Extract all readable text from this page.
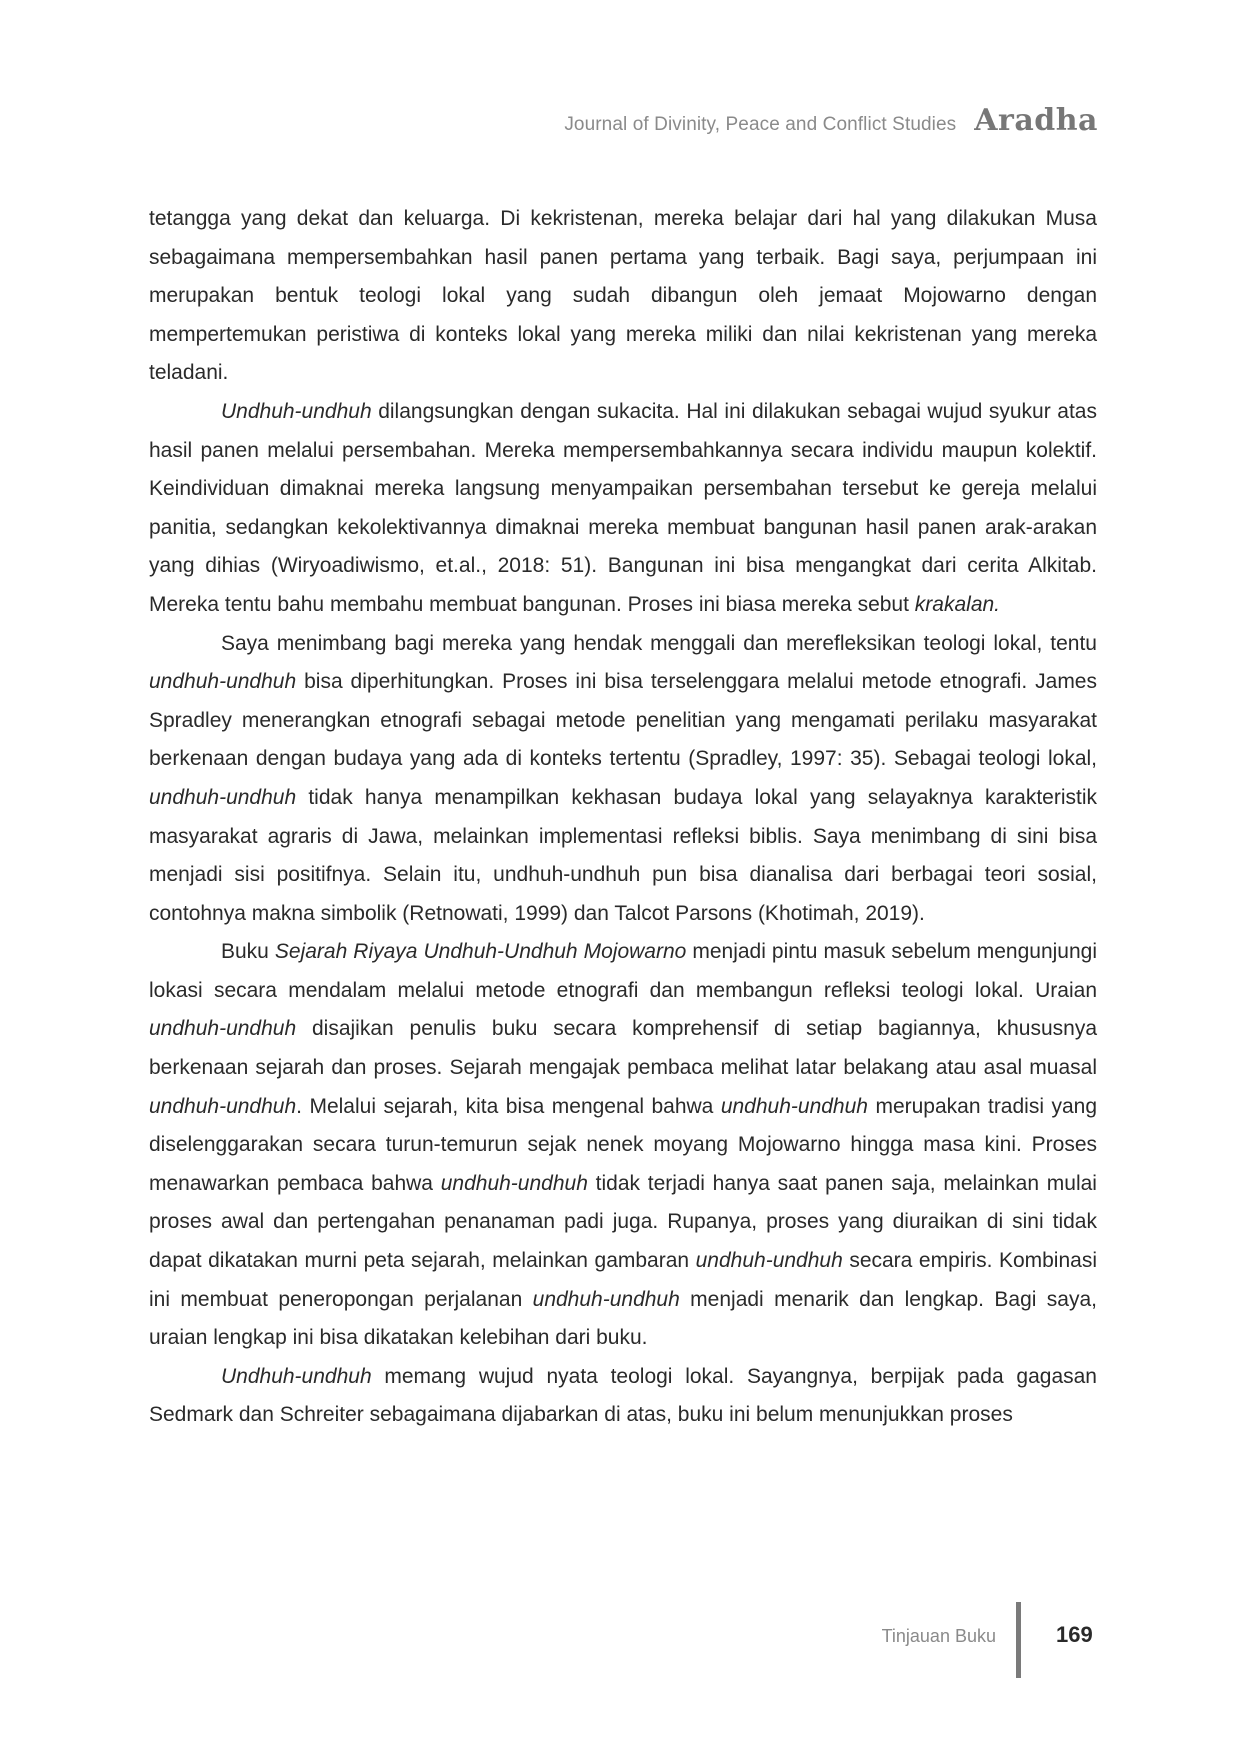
Journal of Divinity, Peace and Conflict Studies Aradha

tetangga yang dekat dan keluarga. Di kekristenan, mereka belajar dari hal yang dilakukan Musa sebagaimana mempersembahkan hasil panen pertama yang terbaik. Bagi saya, perjumpaan ini merupakan bentuk teologi lokal yang sudah dibangun oleh jemaat Mojowarno dengan mempertemukan peristiwa di konteks lokal yang mereka miliki dan nilai kekristenan yang mereka teladani.

Undhuh-undhuh dilangsungkan dengan sukacita. Hal ini dilakukan sebagai wujud syukur atas hasil panen melalui persembahan. Mereka mempersembahkannya secara individu maupun kolektif. Keindividuan dimaknai mereka langsung menyampaikan persembahan tersebut ke gereja melalui panitia, sedangkan kekolektivannya dimaknai mereka membuat bangunan hasil panen arak-arakan yang dihias (Wiryoadiwismo, et.al., 2018: 51). Bangunan ini bisa mengangkat dari cerita Alkitab. Mereka tentu bahu membahu membuat bangunan. Proses ini biasa mereka sebut krakalan.

Saya menimbang bagi mereka yang hendak menggali dan merefleksikan teologi lokal, tentu undhuh-undhuh bisa diperhitungkan. Proses ini bisa terselenggara melalui metode etnografi. James Spradley menerangkan etnografi sebagai metode penelitian yang mengamati perilaku masyarakat berkenaan dengan budaya yang ada di konteks tertentu (Spradley, 1997: 35). Sebagai teologi lokal, undhuh-undhuh tidak hanya menampilkan kekhasan budaya lokal yang selayaknya karakteristik masyarakat agraris di Jawa, melainkan implementasi refleksi biblis. Saya menimbang di sini bisa menjadi sisi positifnya. Selain itu, undhuh-undhuh pun bisa dianalisa dari berbagai teori sosial, contohnya makna simbolik (Retnowati, 1999) dan Talcot Parsons (Khotimah, 2019).

Buku Sejarah Riyaya Undhuh-Undhuh Mojowarno menjadi pintu masuk sebelum mengunjungi lokasi secara mendalam melalui metode etnografi dan membangun refleksi teologi lokal. Uraian undhuh-undhuh disajikan penulis buku secara komprehensif di setiap bagiannya, khususnya berkenaan sejarah dan proses. Sejarah mengajak pembaca melihat latar belakang atau asal muasal undhuh-undhuh. Melalui sejarah, kita bisa mengenal bahwa undhuh-undhuh merupakan tradisi yang diselenggarakan secara turun-temurun sejak nenek moyang Mojowarno hingga masa kini. Proses menawarkan pembaca bahwa undhuh-undhuh tidak terjadi hanya saat panen saja, melainkan mulai proses awal dan pertengahan penanaman padi juga. Rupanya, proses yang diuraikan di sini tidak dapat dikatakan murni peta sejarah, melainkan gambaran undhuh-undhuh secara empiris. Kombinasi ini membuat peneropongan perjalanan undhuh-undhuh menjadi menarik dan lengkap. Bagi saya, uraian lengkap ini bisa dikatakan kelebihan dari buku.

Undhuh-undhuh memang wujud nyata teologi lokal. Sayangnya, berpijak pada gagasan Sedmark dan Schreiter sebagaimana dijabarkan di atas, buku ini belum menunjukkan proses

Tinjauan Buku	169
